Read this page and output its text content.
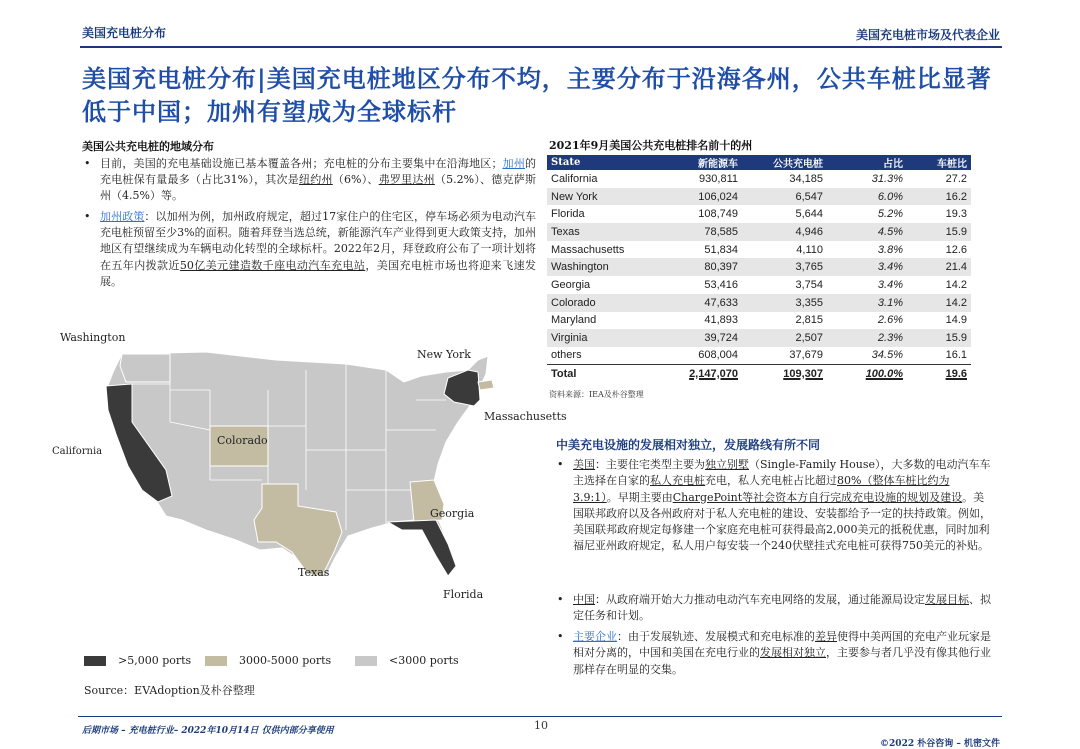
美国充电桩分布	美国充电桩市场及代表企业
美国充电桩分布|美国充电桩地区分布不均，主要分布于沿海各州，公共车桩比显著低于中国；加州有望成为全球标杆
美国公共充电桩的地域分布
• 目前，美国的充电基础设施已基本覆盖各州；充电桩的分布主要集中在沿海地区；加州的充电桩保有量最多（占比31%），其次是纽约州（6%）、弗罗里达州（5.2%）、德克萨斯州（4.5%）等。
• 加州政策：以加州为例，加州政府规定，超过17家住户的住宅区，停车场必须为电动汽车充电桩预留至少3%的面积。随着拜登当选总统，新能源汽车产业得到更大政策支持，加州地区有望继续成为车辆电动化转型的全球标杆。2022年2月，拜登政府公布了一项计划将在五年内拨款近50亿美元建造数千座电动汽车充电站，美国充电桩市场也将迎来飞速发展。
Washington
New York
Massachusetts
California
Colorado
Georgia
Texas
Florida
>5,000 ports	3000-5000 ports	<3000 ports
Source：EVAdoption及朴谷整理
2021年9月美国公共充电桩排名前十的州
State	新能源车	公共充电桩	占比	车桩比
California	930,811	34,185	31.3%	27.2
New York	106,024	6,547	6.0%	16.2
Florida	108,749	5,644	5.2%	19.3
Texas	78,585	4,946	4.5%	15.9
Massachusetts	51,834	4,110	3.8%	12.6
Washington	80,397	3,765	3.4%	21.4
Georgia	53,416	3,754	3.4%	14.2
Colorado	47,633	3,355	3.1%	14.2
Maryland	41,893	2,815	2.6%	14.9
Virginia	39,724	2,507	2.3%	15.9
others	608,004	37,679	34.5%	16.1
Total	2,147,070	109,307	100.0%	19.6
资料来源：IEA及朴谷整理
中美充电设施的发展相对独立，发展路线有所不同
• 美国：主要住宅类型主要为独立别墅（Single-Family House），大多数的电动汽车车主选择在自家的私人充电桩充电，私人充电桩占比超过80%（整体车桩比约为3.9:1）。早期主要由ChargePoint等社会资本方自行完成充电设施的规划及建设。美国联邦政府以及各州政府对于私人充电桩的建设、安装都给予一定的扶持政策。例如，美国联邦政府规定每修建一个家庭充电桩可获得最高2,000美元的抵税优惠，同时加利福尼亚州政府规定，私人用户每安装一个240伏壁挂式充电桩可获得750美元的补贴。
• 中国：从政府端开始大力推动电动汽车充电网络的发展，通过能源局设定发展目标、拟定任务和计划。
• 主要企业：由于发展轨迹、发展模式和充电标准的差异使得中美两国的充电产业玩家是相对分离的，中国和美国在充电行业的发展相对独立，主要参与者几乎没有像其他行业那样存在明显的交集。
后期市场 – 充电桩行业– 2022年10月14日 仅供内部分享使用	10
©2022 朴谷咨询 – 机密文件
